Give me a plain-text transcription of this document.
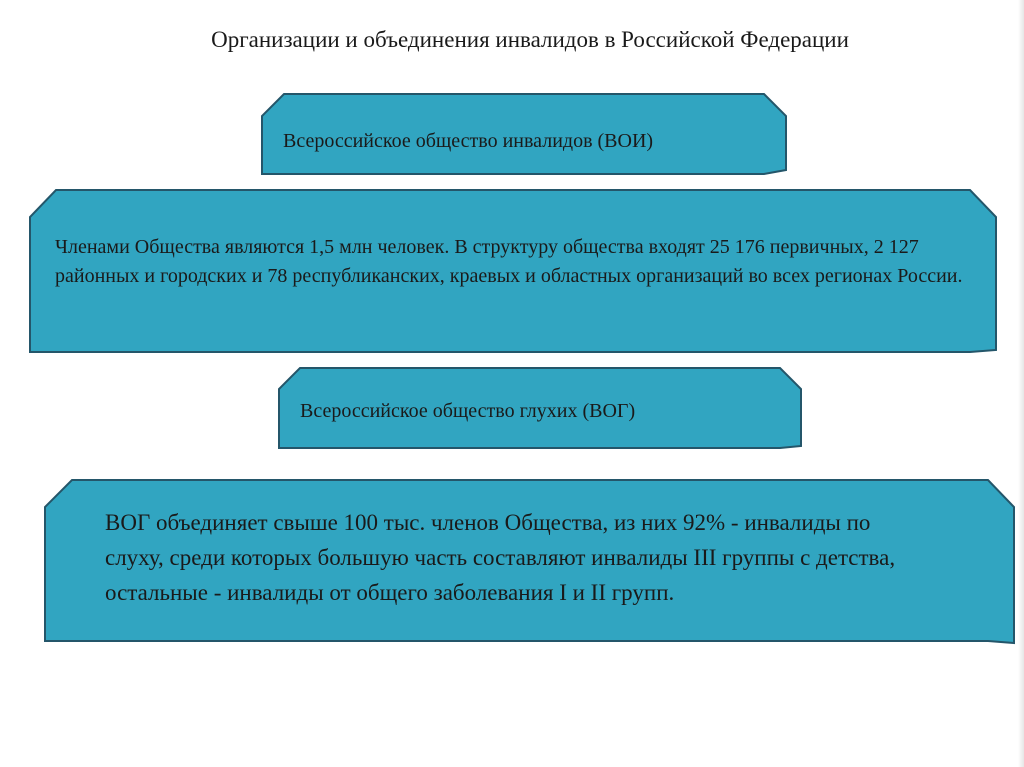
Организации и объединения инвалидов в Российской Федерации

Всероссийское общество инвалидов (ВОИ)

Членами Общества являются 1,5 млн человек. В структуру общества входят 25 176 первичных, 2 127 районных и городских и 78 республиканских, краевых и областных организаций во всех регионах России.

Всероссийское общество глухих (ВОГ)

ВОГ объединяет свыше 100 тыс. членов Общества, из них 92% - инвалиды по слуху, среди которых большую часть составляют инвалиды III группы с детства, остальные - инвалиды от общего заболевания I и II групп.
